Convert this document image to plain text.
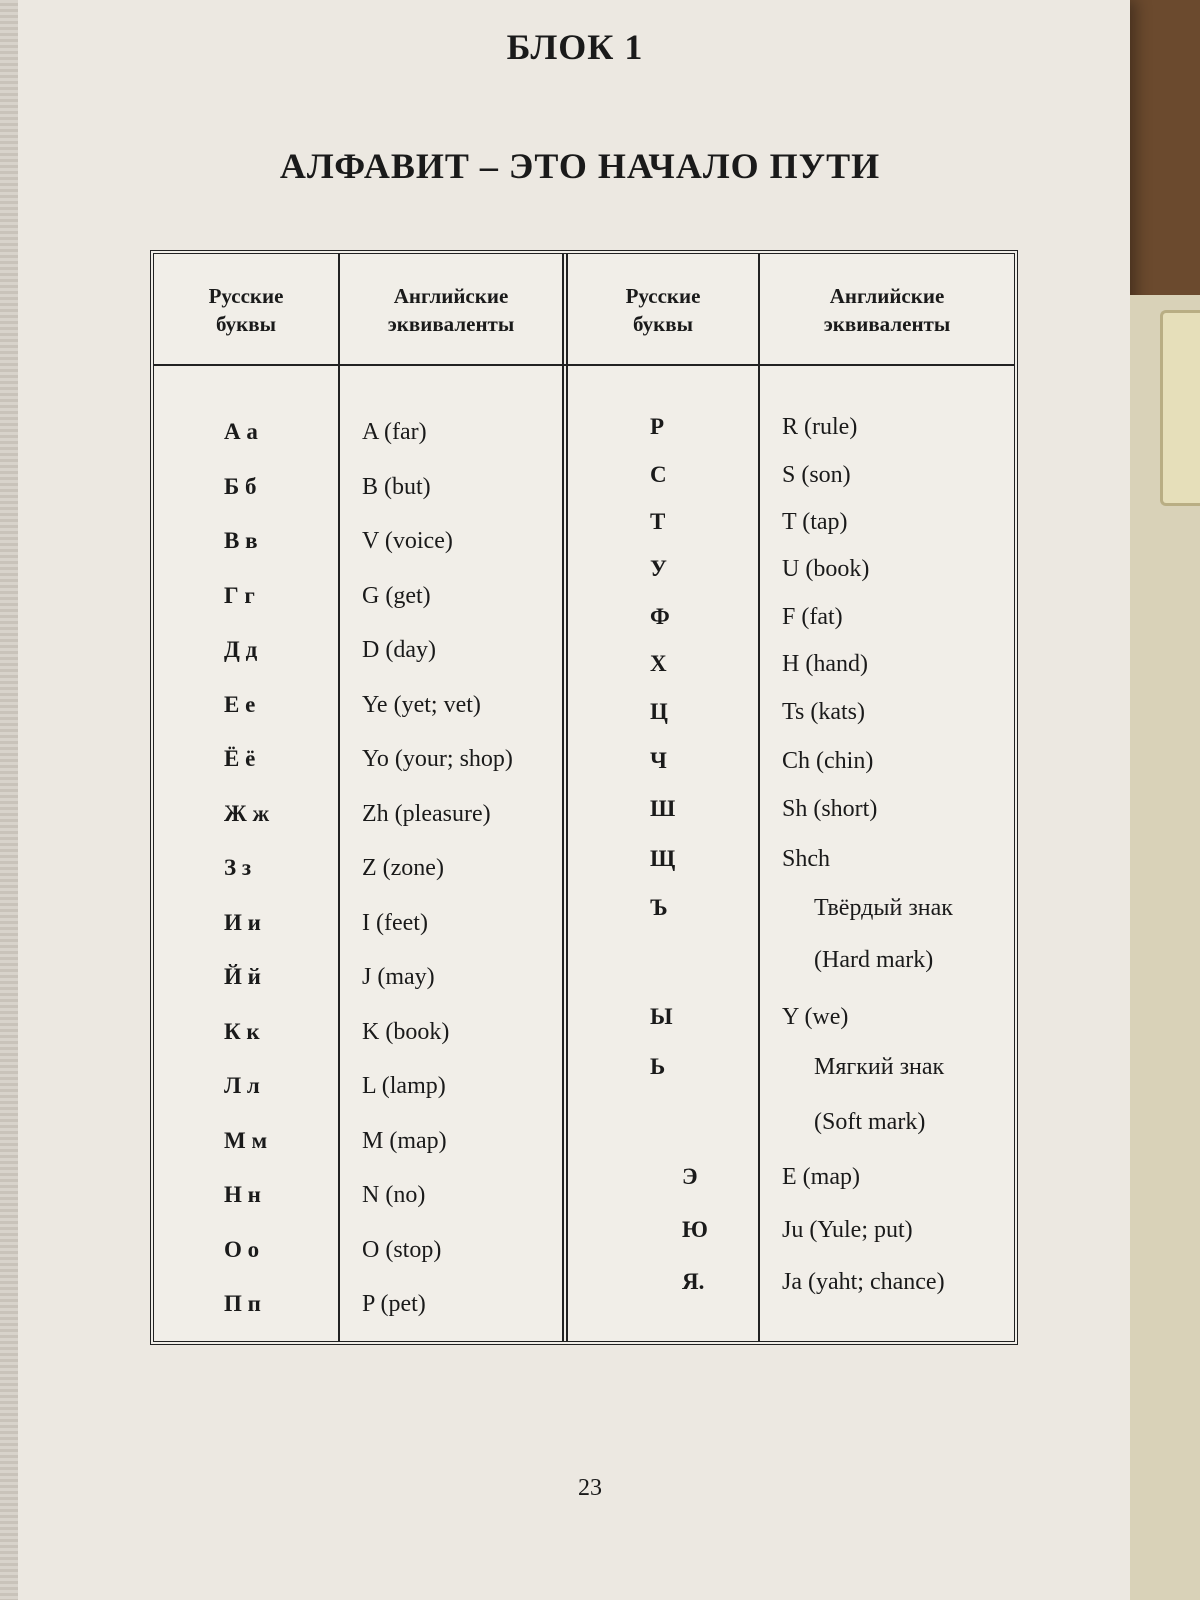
БЛОК 1
АЛФАВИТ – ЭТО НАЧАЛО ПУТИ
Русские
буквы
Английские
эквиваленты
Русские
буквы
Английские
эквиваленты
А а	A (far)
Б б	B (but)
В в	V (voice)
Г г	G (get)
Д д	D (day)
Е е	Ye (yet; vet)
Ё ё	Yo (your; shop)
Ж ж	Zh (pleasure)
З з	Z (zone)
И и	I (feet)
Й й	J (may)
К к	K (book)
Л л	L (lamp)
М м	M (map)
Н н	N (no)
О о	O (stop)
П п	P (pet)
Р	R (rule)
С	S (son)
Т	T (tap)
У	U (book)
Ф	F (fat)
Х	H (hand)
Ц	Ts (kats)
Ч	Ch (chin)
Ш	Sh (short)
Щ	Shch
Ъ	Твёрдый знак
(Hard mark)
Ы	Y (we)
Ь	Мягкий знак
(Soft mark)
Э	E (map)
Ю	Ju (Yule; put)
Я.	Ja (yaht; chance)
23
